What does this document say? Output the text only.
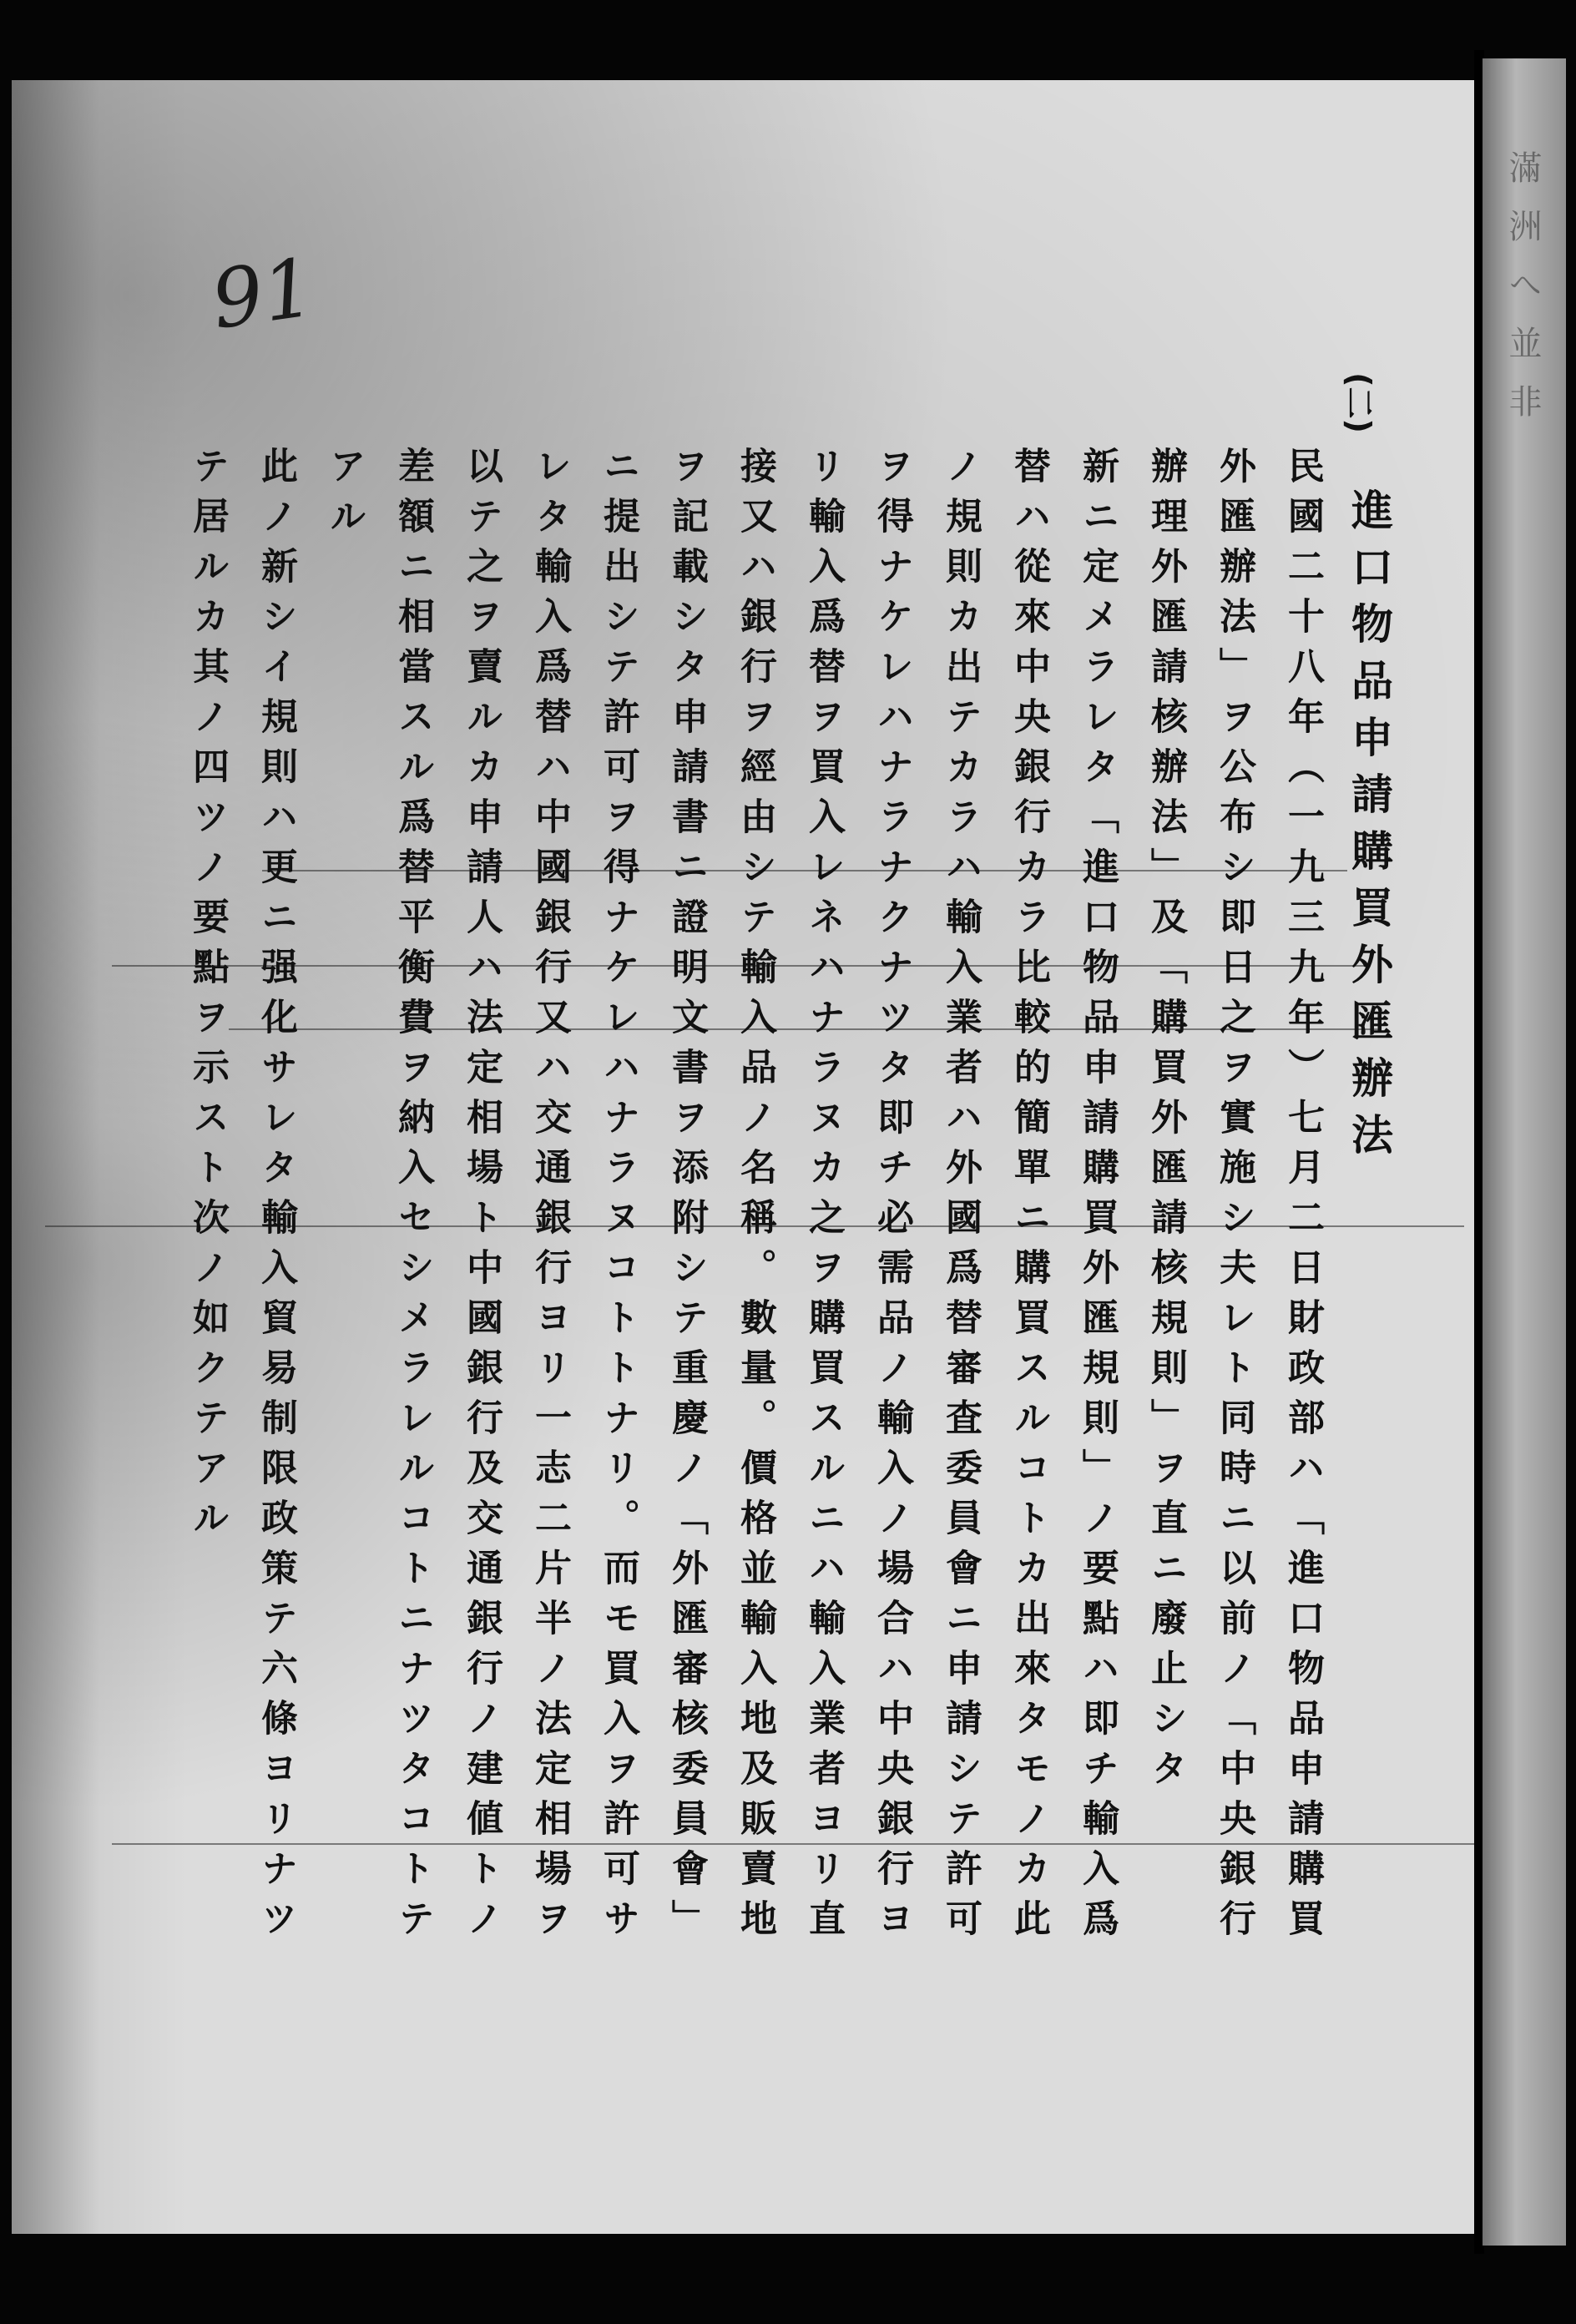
91	滿洲へ並非
(二)
進口物品申請購買外匯辦法
民國二十八年（一九三九年）七月二日財政部ハ「進口物品申請購買
外匯辦法」ヲ公布シ即日之ヲ實施シ夫レト同時ニ以前ノ「中央銀行
辦理外匯請核辦法」及「購買外匯請核規則」ヲ直ニ廢止シタ
新ニ定メラレタ「進口物品申請購買外匯規則」ノ要點ハ即チ輸入爲
替ハ從來中央銀行カラ比較的簡單ニ購買スルコトカ出來タモノカ此
ノ規則カ出テカラハ輸入業者ハ外國爲替審査委員會ニ申請シテ許可
ヲ得ナケレハナラナクナツタ即チ必需品ノ輸入ノ場合ハ中央銀行ヨ
リ輸入爲替ヲ買入レネハナラヌカ之ヲ購買スルニハ輸入業者ヨリ直
接又ハ銀行ヲ經由シテ輸入品ノ名稱。數量。價格並輸入地及販賣地
ヲ記載シタ申請書ニ證明文書ヲ添附シテ重慶ノ「外匯審核委員會」
ニ提出シテ許可ヲ得ナケレハナラヌコトトナリ。而モ買入ヲ許可サ
レタ輸入爲替ハ中國銀行又ハ交通銀行ヨリ一志二片半ノ法定相場ヲ
以テ之ヲ賣ルカ申請人ハ法定相場ト中國銀行及交通銀行ノ建値トノ
差額ニ相當スル爲替平衡費ヲ納入セシメラレルコトニナツタコトテ
アル
此ノ新シイ規則ハ更ニ强化サレタ輸入貿易制限政策テ六條ヨリナツ
テ居ルカ其ノ四ツノ要點ヲ示スト次ノ如クテアル
